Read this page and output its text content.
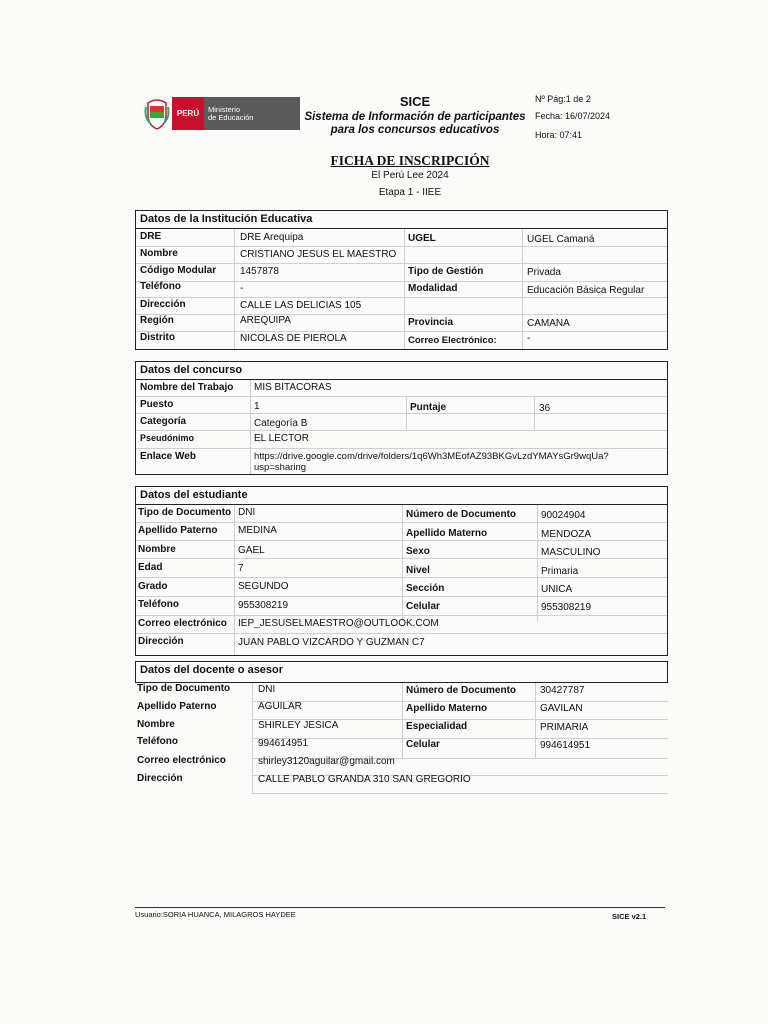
PERÚ	Ministerio
de Educación
SICE
Sistema de Información de participantes
para los concursos educativos
Nº Pág:1 de 2
Fecha: 16/07/2024
Hora: 07:41
FICHA DE INSCRIPCIÓN
El Perú Lee 2024
Etapa 1 - IIEE
Datos de la Institución Educativa
DRE	DRE Arequipa	UGEL	UGEL Camaná
Nombre	CRISTIANO JESUS EL MAESTRO
Código Modular 1457878	Tipo de Gestión	Privada
Teléfono	-	Modalidad	Educación Básica Regular
Dirección	CALLE LAS DELICIAS 105
Región	AREQUIPA	Provincia	CAMANA
Distrito	NICOLAS DE PIEROLA	Correo Electrónico:	-
Datos del concurso
Nombre del Trabajo MIS BITACORAS
Puesto	1	Puntaje	36
Categoría	Categoría B
Pseudónimo	EL LECTOR
Enlace Web	https://drive.google.com/drive/folders/1q6Wh3MEofAZ93BKGvLzdYMAYsGr9wqUa?
usp=sharing
Datos del estudiante
Tipo de Documento DNI	Número de Documento 90024904
Apellido Paterno MEDINA	Apellido Materno	MENDOZA
Nombre	GAEL	Sexo	MASCULINO
Edad	7	Nivel	Primaria
Grado	SEGUNDO	Sección	UNICA
Teléfono	955308219	Celular	955308219
Correo electrónico IEP_JESUSELMAESTRO@OUTLOOK.COM
Dirección	JUAN PABLO VIZCARDO Y GUZMAN C7
Datos del docente o asesor
Tipo de Documento	DNI	Número de Documento 30427787
Apellido Paterno	AGUILAR	Apellido Materno	GAVILAN
Nombre	SHIRLEY JESICA	Especialidad	PRIMARIA
Teléfono	994614951	Celular	994614951
Correo electrónico	shirley3120aguilar@gmail.com
Dirección	CALLE PABLO GRANDA 310 SAN GREGORIO
Usuario:SORIA HUANCA, MILAGROS HAYDEE	SICE v2.1
